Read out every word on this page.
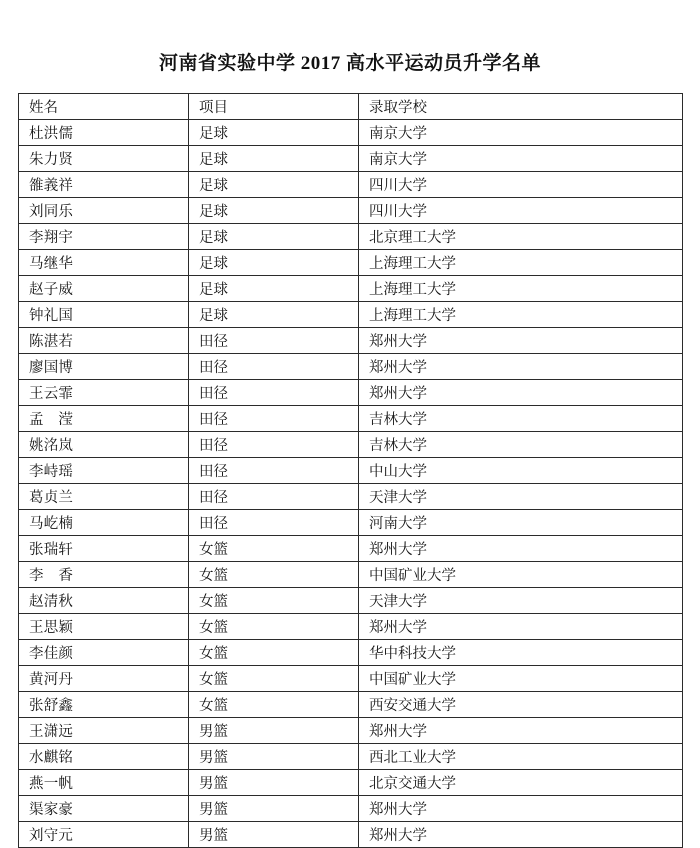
河南省实验中学 2017 高水平运动员升学名单
姓名	项目	录取学校
杜洪儒	足球	南京大学
朱力贤	足球	南京大学
雒義祥	足球	四川大学
刘同乐	足球	四川大学
李翔宇	足球	北京理工大学
马继华	足球	上海理工大学
赵子威	足球	上海理工大学
钟礼国	足球	上海理工大学
陈湛若	田径	郑州大学
廖国博	田径	郑州大学
王云霏	田径	郑州大学
孟　滢	田径	吉林大学
姚洺岚	田径	吉林大学
李峙瑶	田径	中山大学
葛贞兰	田径	天津大学
马屹楠	田径	河南大学
张瑞轩	女篮	郑州大学
李　香	女篮	中国矿业大学
赵清秋	女篮	天津大学
王思颖	女篮	郑州大学
李佳颜	女篮	华中科技大学
黄河丹	女篮	中国矿业大学
张舒鑫	女篮	西安交通大学
王潇远	男篮	郑州大学
水麒铭	男篮	西北工业大学
燕一帆	男篮	北京交通大学
渠家豪	男篮	郑州大学
刘守元	男篮	郑州大学
